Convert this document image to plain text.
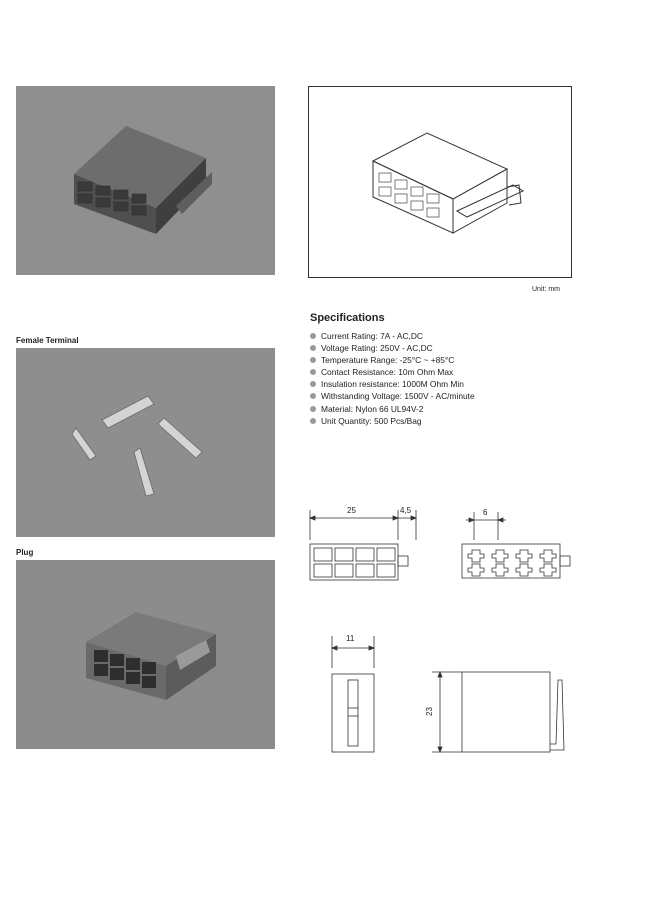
Unit: mm
Female Terminal
Plug
Specifications
Current Rating: 7A - AC,DC
Voltage Rating: 250V - AC,DC
Temperature Range: -25°C ~ +85°C
Contact Resistance: 10m Ohm Max
Insulation resistance: 1000M Ohm Min
Withstanding Voltage: 1500V - AC/minute
Material: Nylon 66 UL94V-2
Unit Quantity: 500 Pcs/Bag
25	4,5	6
11
23
